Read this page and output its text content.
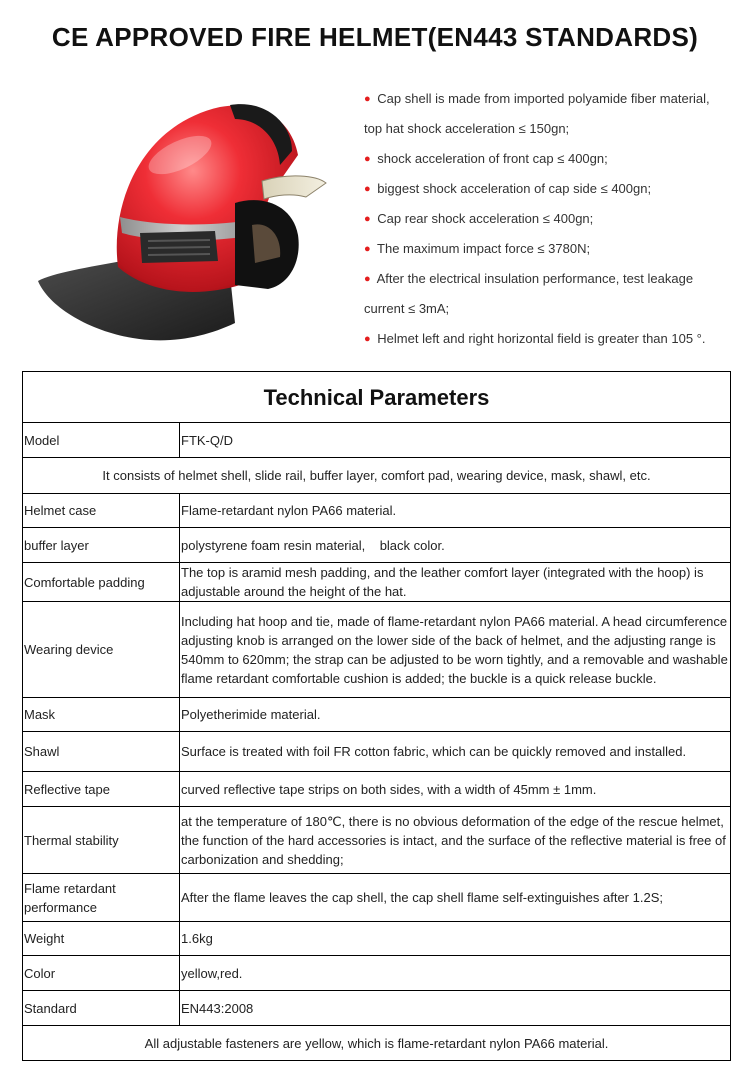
CE APPROVED FIRE HELMET(EN443 STANDARDS)
● Cap shell is made from imported polyamide fiber material,
top hat shock acceleration ≤ 150gn;
● shock acceleration of front cap ≤ 400gn;
● biggest shock acceleration of cap side ≤ 400gn;
● Cap rear shock acceleration ≤ 400gn;
● The maximum impact force ≤ 3780N;
● After the electrical insulation performance, test leakage
current ≤ 3mA;
● Helmet left and right horizontal field is greater than 105 °.
Technical Parameters	
Model	FTK-Q/D
It consists of helmet shell, slide rail, buffer layer, comfort pad, wearing device, mask, shawl, etc.	
Helmet case	Flame-retardant nylon PA66 material.
buffer layer	polystyrene foam resin material,    black color.
Comfortable padding	The top is aramid mesh padding, and the leather comfort layer (integrated with the hoop) is adjustable around the height of the hat.
Wearing device	Including hat hoop and tie, made of flame-retardant nylon PA66 material. A head circumference adjusting knob is arranged on the lower side of the back of helmet, and the adjusting range is 540mm to 620mm; the strap can be adjusted to be worn tightly, and a removable and washable flame retardant comfortable cushion is added; the buckle is a quick release buckle.
Mask	Polyetherimide material.
Shawl	Surface is treated with foil FR cotton fabric, which can be quickly removed and installed.
Reflective tape	curved reflective tape strips on both sides, with a width of 45mm ± 1mm.
Thermal stability	at the temperature of 180℃, there is no obvious deformation of the edge of the rescue helmet, the function of the hard accessories is intact, and the surface of the reflective material is free of carbonization and shedding;
Flame retardant performance	After the flame leaves the cap shell, the cap shell flame self-extinguishes after 1.2S;
Weight	1.6kg
Color	yellow,red.
Standard	EN443:2008
All adjustable fasteners are yellow, which is flame-retardant nylon PA66 material.	
